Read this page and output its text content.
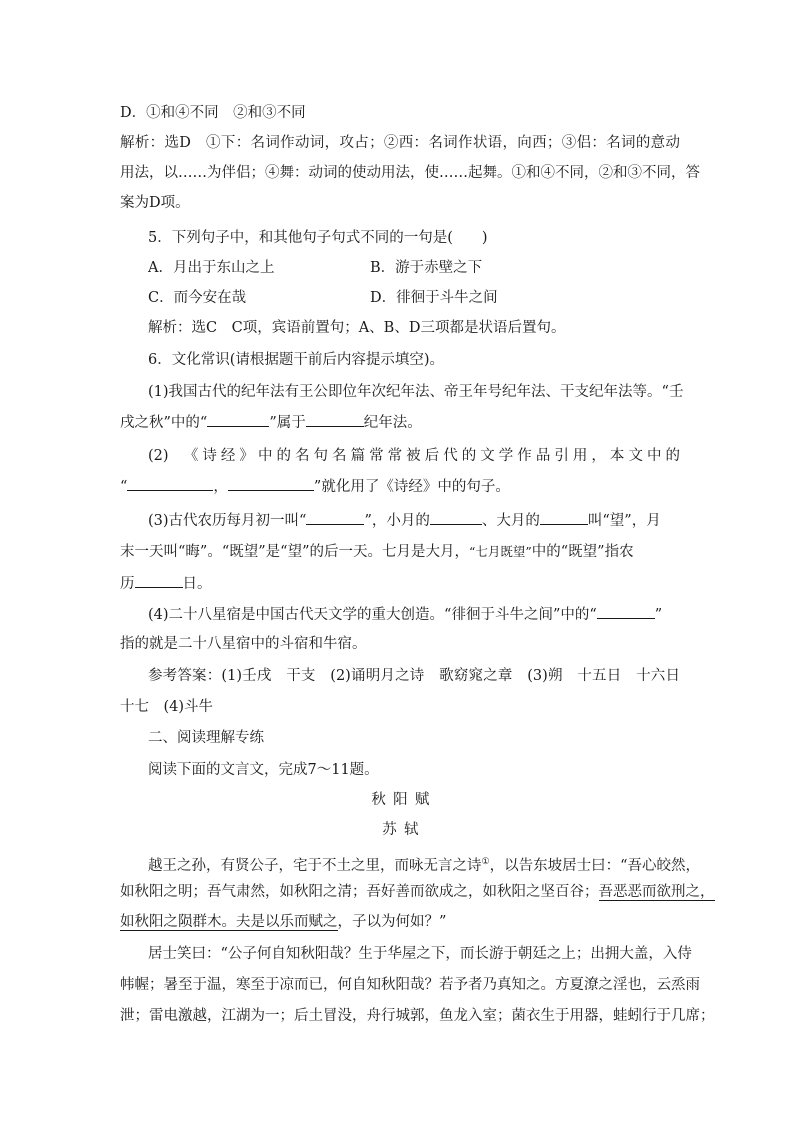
D．①和④不同　②和③不同
解析：选D　①下：名词作动词，攻占；②西：名词作状语，向西；③侣：名词的意动
用法，以……为伴侣；④舞：动词的使动用法，使……起舞。①和④不同，②和③不同，答
案为D项。
5．下列句子中，和其他句子句式不同的一句是(　　)
A．月出于东山之上	B．游于赤壁之下
C．而今安在哉	D．徘徊于斗牛之间
解析：选C　C项，宾语前置句；A、B、D三项都是状语后置句。
6．文化常识(请根据题干前后内容提示填空)。
(1)我国古代的纪年法有王公即位年次纪年法、帝王年号纪年法、干支纪年法等。“壬
戌之秋”中的“	”属于	纪年法。
(2)　《诗经》中的名句名篇常常被后代的文学作品引用，本文中的
“	，	”就化用了《诗经》中的句子。
(3)古代农历每月初一叫“	”，小月的	、大月的	叫“望”，月
末一天叫“晦”。“既望”是“望”的后一天。七月是大月，“七月既望”中的“既望”指农
历	日。
(4)二十八星宿是中国古代天文学的重大创造。“徘徊于斗牛之间”中的“	”
指的就是二十八星宿中的斗宿和牛宿。
参考答案：(1)壬戌　干支　(2)诵明月之诗　歌窈窕之章　(3)朔　十五日　十六日
十七　(4)斗牛
二、阅读理解专练
阅读下面的文言文，完成7～11题。
秋阳赋
苏轼
越王之孙，有贤公子，宅于不土之里，而咏无言之诗①，以告东坡居士曰：“吾心皎然，
如秋阳之明；吾气肃然，如秋阳之清；吾好善而欲成之，如秋阳之坚百谷；吾恶恶而欲刑之，
如秋阳之陨群木。夫是以乐而赋之，子以为何如？”
居士笑曰：“公子何自知秋阳哉？生于华屋之下，而长游于朝廷之上；出拥大盖，入侍
帏幄；暑至于温，寒至于凉而已，何自知秋阳哉？若予者乃真知之。方夏潦之淫也，云烝雨
泄；雷电激越，江湖为一；后土冒没，舟行城郭，鱼龙入室；菌衣生于用器，蛙蚓行于几席；
